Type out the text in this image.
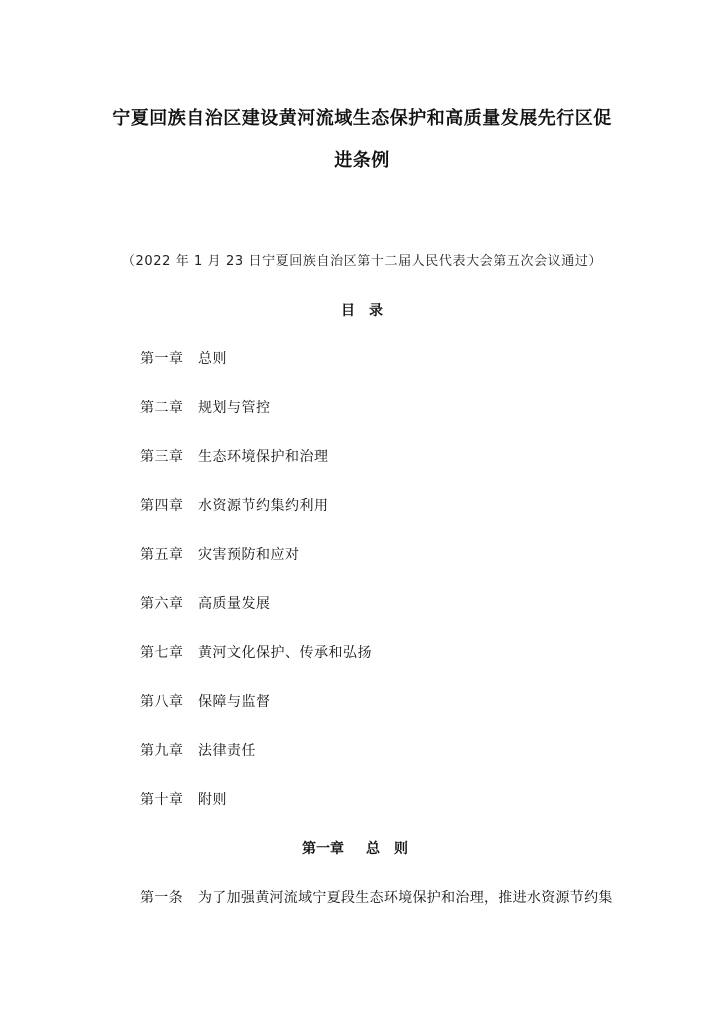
宁夏回族自治区建设黄河流域生态保护和高质量发展先行区促
进条例
（2022 年 1 月 23 日宁夏回族自治区第十二届人民代表大会第五次会议通过）
目录
第一章	总则
第二章	规划与管控
第三章	生态环境保护和治理
第四章	水资源节约集约利用
第五章	灾害预防和应对
第六章	高质量发展
第七章	黄河文化保护、传承和弘扬
第八章	保障与监督
第九章	法律责任
第十章	附则
第一章 总则
第一条 为了加强黄河流域宁夏段生态环境保护和治理，推进水资源节约集
